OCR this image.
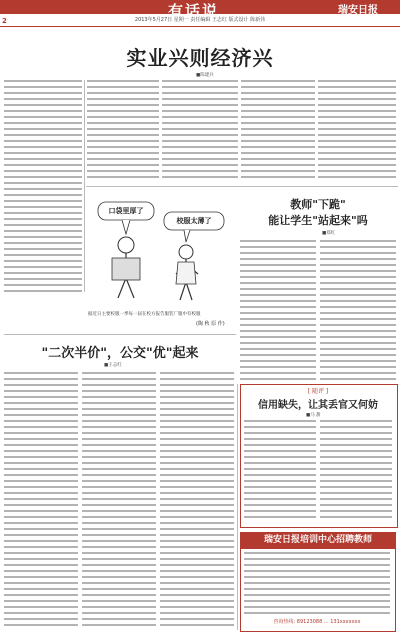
有话说	瑞安日报
2013年5月27日 星期一 责任编辑 王志红 版式设计 陈新伟
2
实业兴则经济兴
■陈建兵
口袋里厚了
校服太薄了
据近日主要校服一季每一届在校方报告服装厂服中有校服
(陶 秋 原 作)
教师"下跪"
能让学生"站起来"吗
■郑红
"二次半价"，公交"优"起来
■王志红
[ 随评 ]
信用缺失，让其丢官又何妨
■马 甜
瑞安日报培训中心招聘教师
咨询热线: 89123088 ... 131xxxxxxx
